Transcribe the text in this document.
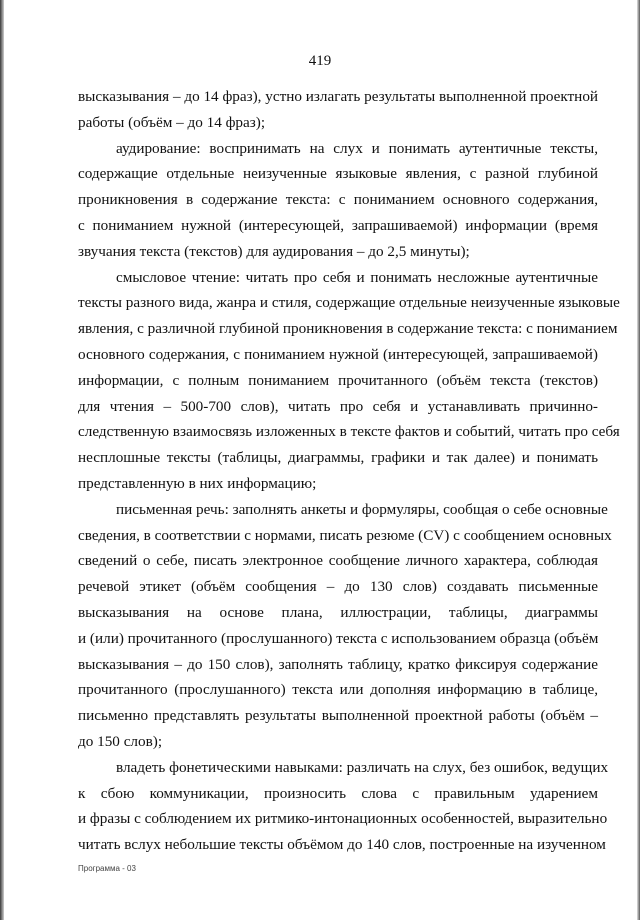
419
высказывания – до 14 фраз), устно излагать результаты выполненной проектной
работы (объём – до 14 фраз);
аудирование: воспринимать на слух и понимать аутентичные тексты,
содержащие отдельные неизученные языковые явления, с разной глубиной
проникновения в содержание текста: с пониманием основного содержания,
с пониманием нужной (интересующей, запрашиваемой) информации (время
звучания текста (текстов) для аудирования – до 2,5 минуты);
смысловое чтение: читать про себя и понимать несложные аутентичные
тексты разного вида, жанра и стиля, содержащие отдельные неизученные языковые
явления, с различной глубиной проникновения в содержание текста: с пониманием
основного содержания, с пониманием нужной (интересующей, запрашиваемой)
информации, с полным пониманием прочитанного (объём текста (текстов)
для чтения – 500-700 слов), читать про себя и устанавливать причинно-
следственную взаимосвязь изложенных в тексте фактов и событий, читать про себя
несплошные тексты (таблицы, диаграммы, графики и так далее) и понимать
представленную в них информацию;
письменная речь: заполнять анкеты и формуляры, сообщая о себе основные
сведения, в соответствии с нормами, писать резюме (CV) с сообщением основных
сведений о себе, писать электронное сообщение личного характера, соблюдая
речевой этикет (объём сообщения – до 130 слов) создавать письменные
высказывания на основе плана, иллюстрации, таблицы, диаграммы
и (или) прочитанного (прослушанного) текста с использованием образца (объём
высказывания – до 150 слов), заполнять таблицу, кратко фиксируя содержание
прочитанного (прослушанного) текста или дополняя информацию в таблице,
письменно представлять результаты выполненной проектной работы (объём –
до 150 слов);
владеть фонетическими навыками: различать на слух, без ошибок, ведущих
к сбою коммуникации, произносить слова с правильным ударением
и фразы с соблюдением их ритмико-интонационных особенностей, выразительно
читать вслух небольшие тексты объёмом до 140 слов, построенные на изученном
Программа - 03
